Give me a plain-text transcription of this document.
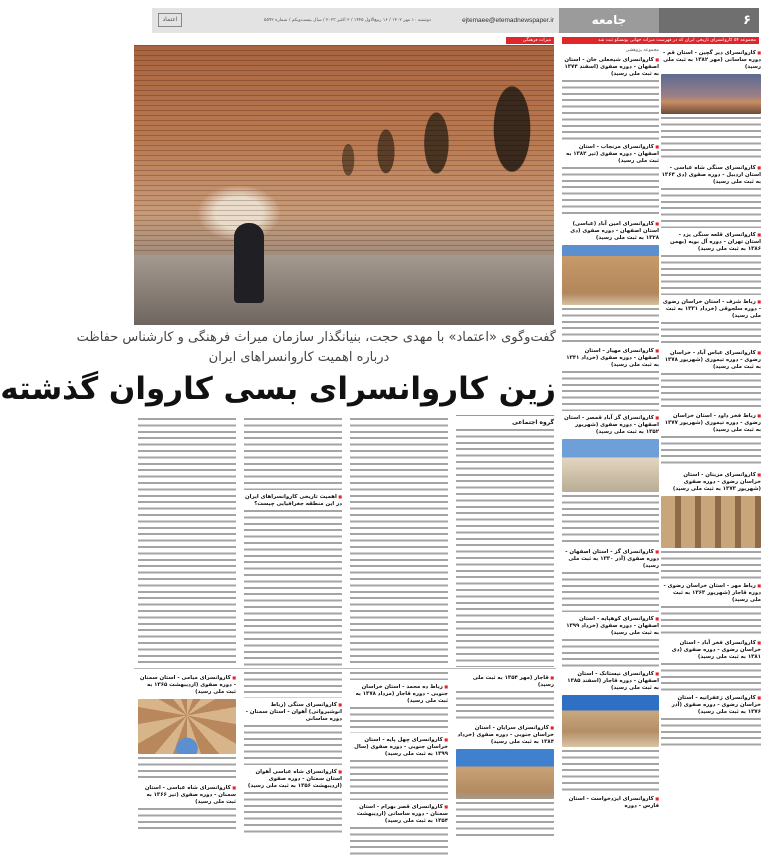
اعتماد	دوشنبه ۱۰ مهر ۱۴۰۲ / ۱۶ ربیع‌الاول ۱۴۴۵ / ۲ اکتبر ۲۰۲۳ / سال بیست‌ویکم / شماره ۵۵۹۲	ejtemaee@etemadnewspaper.ir	جامعه	۶
مجموعه ۵۴ کاروانسرای تاریخی ایران که در فهرست میراث جهانی یونسکو ثبت شد
میراث فرهنگی
گفت‌وگوی «اعتماد» با مهدی حجت، بنیانگذار سازمان میراث فرهنگی و کارشناس حفاظت
درباره اهمیت کاروانسراهای ایران
زین کاروانسرای بسی کاروان گذشته
گروه اجتماعی
■ اهمیت تاریخی کاروانسراهای ایران در این منطقه جغرافیایی چیست؟
■ قاجار (مهر ۱۳۵۴ به ثبت ملی رسید)
■ کاروانسرای سرایان - استان خراسان جنوبی - دوره صفوی (خرداد ۱۳۸۴ به ثبت ملی رسید)
■ رباط ده محمد - استان خراسان جنوبی - دوره قاجار (مرداد ۱۳۷۸ به ثبت ملی رسید)
■ کاروانسرای چهل پایه - استان خراسان جنوبی - دوره صفوی (سال ۱۳۹۹ به ثبت ملی رسید)
■ کاروانسرای قصر بهرام - استان سمنان - دوره ساسانی (اردیبهشت ۱۳۵۴ به ثبت ملی رسید)
■ کاروانسرای سنگی (رباط انوشیروانی) آهوان - استان سمنان - دوره ساسانی
■ کاروانسرای شاه عباسی آهوان استان سمنان - دوره صفوی (اردیبهشت ۱۳۵۶ به ثبت ملی رسید)
■ کاروانسرای میامی - استان سمنان - دوره صفوی (اردیبهشت ۱۳۶۵ به ثبت ملی رسید)
■ کاروانسرای شاه عباسی - استان سمنان - دوره صفوی (تیر ۱۳۶۶ به ثبت ملی رسید)
■ کاروانسرای دیر گچین - استان قم - دوره ساسانی (مهر ۱۳۸۲ به ثبت ملی رسید)
■ کاروانسرای سنگی شاه عباسی - استان اردبیل - دوره صفوی (دی ۱۳۶۴ به ثبت ملی رسید)
■ کاروانسرای قلعه سنگی یزد - استان تهران - دوره آل بویه (بهمن ۱۳۸۶ به ثبت ملی رسید)
■ رباط شرف - استان خراسان رضوی - دوره سلجوقی (خرداد ۱۳۳۱ به ثبت ملی رسید)
■ کاروانسرای عباس آباد - خراسان رضوی - دوره تیموری (شهریور ۱۳۷۸ به ثبت ملی رسید)
■ رباط فخر داود - استان خراسان رضوی - دوره تیموری (شهریور ۱۳۷۷ به ثبت ملی رسید)
■ کاروانسرای مزینان - استان خراسان رضوی - دوره صفوی (شهریور ۱۳۷۳ به ثبت ملی رسید)
■ رباط مهر - استان خراسان رضوی - دوره قاجار (شهریور ۱۳۶۳ به ثبت ملی رسید)
■ کاروانسرای فخر آباد - استان خراسان رضوی - دوره صفوی (دی ۱۳۸۱ به ثبت ملی رسید)
■ کاروانسرای زعفرانیه - استان خراسان رضوی - دوره صفوی (آذر ۱۳۷۶ به ثبت ملی رسید)
مجموعه پژوهشی
■ کاروانسرای شیخعلی خان - استان اصفهان - دوره صفوی (اسفند ۱۳۷۴ به ثبت ملی رسید)
■ کاروانسرای مرنجاب - استان اصفهان - دوره صفوی (تیر ۱۳۸۲ به ثبت ملی رسید)
■ کاروانسرای امین آباد (عباسی) استان اصفهان - دوره صفوی (دی ۱۳۲۸ به ثبت ملی رسید)
■ کاروانسرای مهیار - استان اصفهان - دوره صفوی (خرداد ۱۳۴۱ به ثبت ملی رسید)
■ کاروانسرای گز آباد قمصر - استان اصفهان - دوره صفوی (شهریور ۱۳۵۲ به ثبت ملی رسید)
■ کاروانسرای گز - استان اصفهان - دوره صفوی (آذر ۱۳۳۰ به ثبت ملی رسید)
■ کاروانسرای کوهپایه - استان اصفهان - دوره صفوی (خرداد ۱۳۹۹ به ثبت ملی رسید)
■ کاروانسرای نیستانک - استان اصفهان - دوره قاجار (اسفند ۱۳۸۵ به ثبت ملی رسید)
■ کاروانسرای ایزدخواست - استان فارس - دوره
